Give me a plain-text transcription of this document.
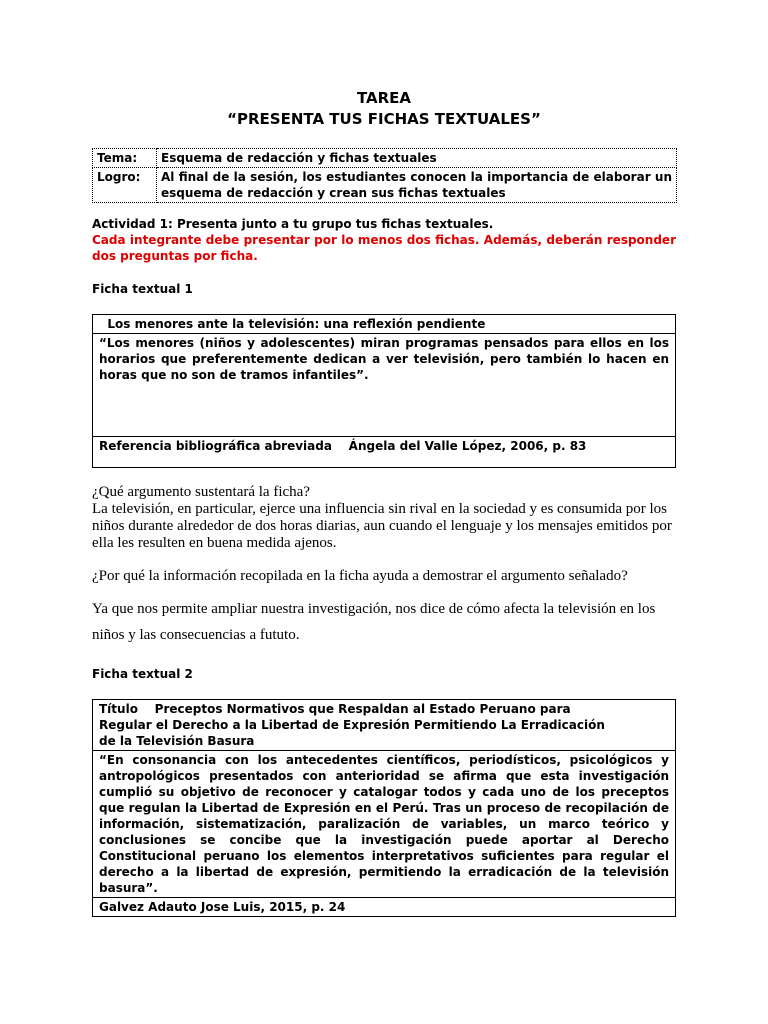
TAREA
“PRESENTA TUS FICHAS TEXTUALES”
Tema:	Esquema de redacción y fichas textuales
Logro:	Al final de la sesión, los estudiantes conocen la importancia de elaborar un esquema de redacción y crean sus fichas textuales
Actividad 1: Presenta junto a tu grupo tus fichas textuales.
Cada integrante debe presentar por lo menos dos fichas. Además, deberán responder dos preguntas por ficha.
Ficha textual 1
Los menores ante la televisión: una reflexión pendiente
“Los menores (niños y adolescentes) miran programas pensados para ellos en los horarios que preferentemente dedican a ver televisión, pero también lo hacen en horas que no son de tramos infantiles”.
Referencia bibliográfica abreviada    Ángela del Valle López, 2006, p. 83
¿Qué argumento sustentará la ficha?
La televisión, en particular, ejerce una influencia sin rival en la sociedad y es consumida por los niños durante alrededor de dos horas diarias, aun cuando el lenguaje y los mensajes emitidos por ella les resulten en buena medida ajenos.
¿Por qué la información recopilada en la ficha ayuda a demostrar el argumento señalado?
Ya que nos permite ampliar nuestra investigación, nos dice de cómo afecta la televisión en los niños y las consecuencias a fututo.
Ficha textual 2
Título    Preceptos Normativos que Respaldan al Estado Peruano para
Regular el Derecho a la Libertad de Expresión Permitiendo La Erradicación
de la Televisión Basura
“En consonancia con los antecedentes científicos, periodísticos, psicológicos y antropológicos presentados con anterioridad se afirma que esta investigación cumplió su objetivo de reconocer y catalogar todos y cada uno de los preceptos que regulan la Libertad de Expresión en el Perú. Tras un proceso de recopilación de información, sistematización, paralización de variables, un marco teórico y conclusiones se concibe que la investigación puede aportar al Derecho Constitucional peruano los elementos interpretativos suficientes para regular el derecho a la libertad de expresión, permitiendo la erradicación de la televisión basura”.
Galvez Adauto Jose Luis, 2015, p. 24
